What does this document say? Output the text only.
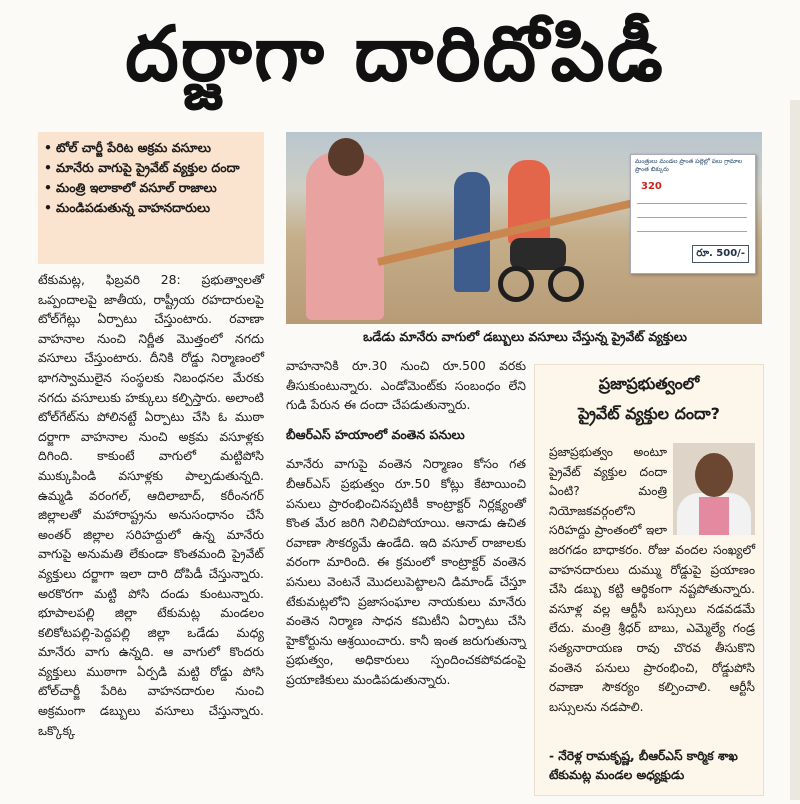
దర్జాగా దారిదోపిడీ

• టోల్ చార్జీ పేరిట అక్రమ వసూలు

• మానేరు వాగుపై ప్రైవేట్ వ్యక్తుల దందా

• మంత్రి ఇలాకాలో వసూల్ రాజాలు

• మండిపడుతున్న వాహనదారులు

మంత్రులు మండల ప్రాంత పల్లెల్లో పలు గ్రామాల ప్రాంత బిక్కురు
320
రూ. 500/-
ఒడేడు మానేరు వాగులో డబ్బులు వసూలు చేస్తున్న ప్రైవేట్ వ్యక్తులు

టేకుమట్ల, ఫిబ్రవరి 28: ప్రభుత్వాలతో ఒప్పందాలపై జాతీయ, రాష్ట్రీయ రహదారులపై టోల్‌గేట్లు ఏర్పాటు చేస్తుంటారు. రవాణా వాహనాల నుంచి నిర్ణీత మొత్తంలో నగదు వసూలు చేస్తుంటారు. దీనికి రోడ్డు నిర్మాణంలో భాగస్వాములైన సంస్థలకు నిబంధనల మేరకు నగదు వసూలుకు హక్కులు కల్పిస్తారు. అలాంటి టోల్‌గేట్‌ను పోలినట్టే ఏర్పాటు చేసి ఓ ముఠా దర్జాగా వాహనాల నుంచి అక్రమ వసూళ్లకు దిగింది. కాకుంటే వాగులో మట్టిపోసి ముక్కుపిండి వసూళ్లకు పాల్పడుతున్నది. ఉమ్మడి వరంగల్, ఆదిలాబాద్, కరీంనగర్ జిల్లాలతో మహారాష్ట్రను అనుసంధానం చేసే అంతర్ జిల్లాల సరిహద్దులో ఉన్న మానేరు వాగుపై అనుమతి లేకుండా కొంతమంది ప్రైవేట్ వ్యక్తులు దర్జాగా ఇలా దారి దోపిడీ చేస్తున్నారు. అరకొరగా మట్టి పోసి దండు కుంటున్నారు. భూపాలపల్లి జిల్లా టేకుమట్ల మండలం కలికోటపల్లి-పెద్దపల్లి జిల్లా ఒడేడు మధ్య మానేరు వాగు ఉన్నది. ఆ వాగులో కొందరు వ్యక్తులు ముఠాగా ఏర్పడి మట్టి రోడ్డు పోసి టోల్‌చార్జీ పేరిట వాహనదారుల నుంచి అక్రమంగా డబ్బులు వసూలు చేస్తున్నారు. ఒక్కొక్క

వాహనానికి రూ.30 నుంచి రూ.500 వరకు తీసుకుంటున్నారు. ఎండోమెంట్‌కు సంబంధం లేని గుడి పేరున ఈ దందా చేపడుతున్నారు.

బీఆర్ఎస్ హయాంలో వంతెన పనులు

మానేరు వాగుపై వంతెన నిర్మాణం కోసం గత బీఆర్ఎస్ ప్రభుత్వం రూ.50 కోట్లు కేటాయించి పనులు ప్రారంభించినప్పటికీ కాంట్రాక్టర్ నిర్లక్ష్యంతో కొంత మేర జరిగి నిలిచిపోయాయి. ఆనాడు ఉచిత రవాణా సౌకర్యమే ఉండేది. ఇది వసూల్ రాజాలకు వరంగా మారింది. ఈ క్రమంలో కాంట్రాక్టర్ వంతెన పనులు వెంటనే మొదలుపెట్టాలని డిమాండ్ చేస్తూ టేకుమట్లలోని ప్రజాసంఘాల నాయకులు మానేరు వంతెన నిర్మాణ సాధన కమిటీని ఏర్పాటు చేసి హైకోర్టును ఆశ్రయించారు. కానీ ఇంత జరుగుతున్నా ప్రభుత్వం, అధికారులు స్పందించకపోవడంపై ప్రయాణికులు మండిపడుతున్నారు.

ప్రజాప్రభుత్వంలో
ప్రైవేట్ వ్యక్తుల దందా?

ప్రజాప్రభుత్వం అంటూ ప్రైవేట్ వ్యక్తుల దందా ఏంటి? మంత్రి నియోజకవర్గంలోని సరిహద్దు ప్రాంతంలో ఇలా జరగడం బాధాకరం. రోజు వందల సంఖ్యలో వాహనదారులు దుమ్ము రోడ్డుపై ప్రయాణం చేసి డబ్బు కట్టి ఆర్థికంగా నష్టపోతున్నారు. వసూళ్ల వల్ల ఆర్టీసీ బస్సులు నడవడమే లేదు. మంత్రి శ్రీధర్ బాబు, ఎమ్మెల్యే గండ్ర సత్యనారాయణ రావు చొరవ తీసుకొని వంతెన పనులు ప్రారంభించి, రోడ్డుపోసి రవాణా సౌకర్యం కల్పించాలి. ఆర్టీసీ బస్సులను నడపాలి.

- నేరెళ్ల రామకృష్ణ, బీఆర్ఎస్ కార్మిక శాఖ టేకుమట్ల మండల అధ్యక్షుడు
